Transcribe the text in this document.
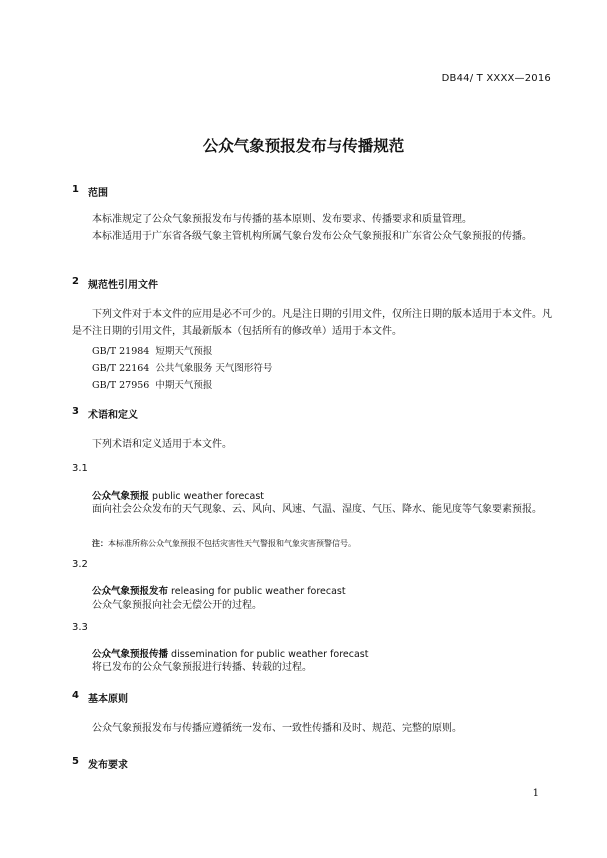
DB44/ T XXXX—2016
公众气象预报发布与传播规范
1 范围
本标准规定了公众气象预报发布与传播的基本原则、发布要求、传播要求和质量管理。
本标准适用于广东省各级气象主管机构所属气象台发布公众气象预报和广东省公众气象预报的传播。
2 规范性引用文件
下列文件对于本文件的应用是必不可少的。凡是注日期的引用文件，仅所注日期的版本适用于本文件。凡是不注日期的引用文件，其最新版本（包括所有的修改单）适用于本文件。
GB/T 21984 短期天气预报
GB/T 22164 公共气象服务 天气图形符号
GB/T 27956 中期天气预报
3 术语和定义
下列术语和定义适用于本文件。
3.1
公众气象预报 public weather forecast
面向社会公众发布的天气现象、云、风向、风速、气温、湿度、气压、降水、能见度等气象要素预报。
注：本标准所称公众气象预报不包括灾害性天气警报和气象灾害预警信号。
3.2
公众气象预报发布 releasing for public weather forecast
公众气象预报向社会无偿公开的过程。
3.3
公众气象预报传播 dissemination for public weather forecast
将已发布的公众气象预报进行转播、转载的过程。
4 基本原则
公众气象预报发布与传播应遵循统一发布、一致性传播和及时、规范、完整的原则。
5 发布要求
1
